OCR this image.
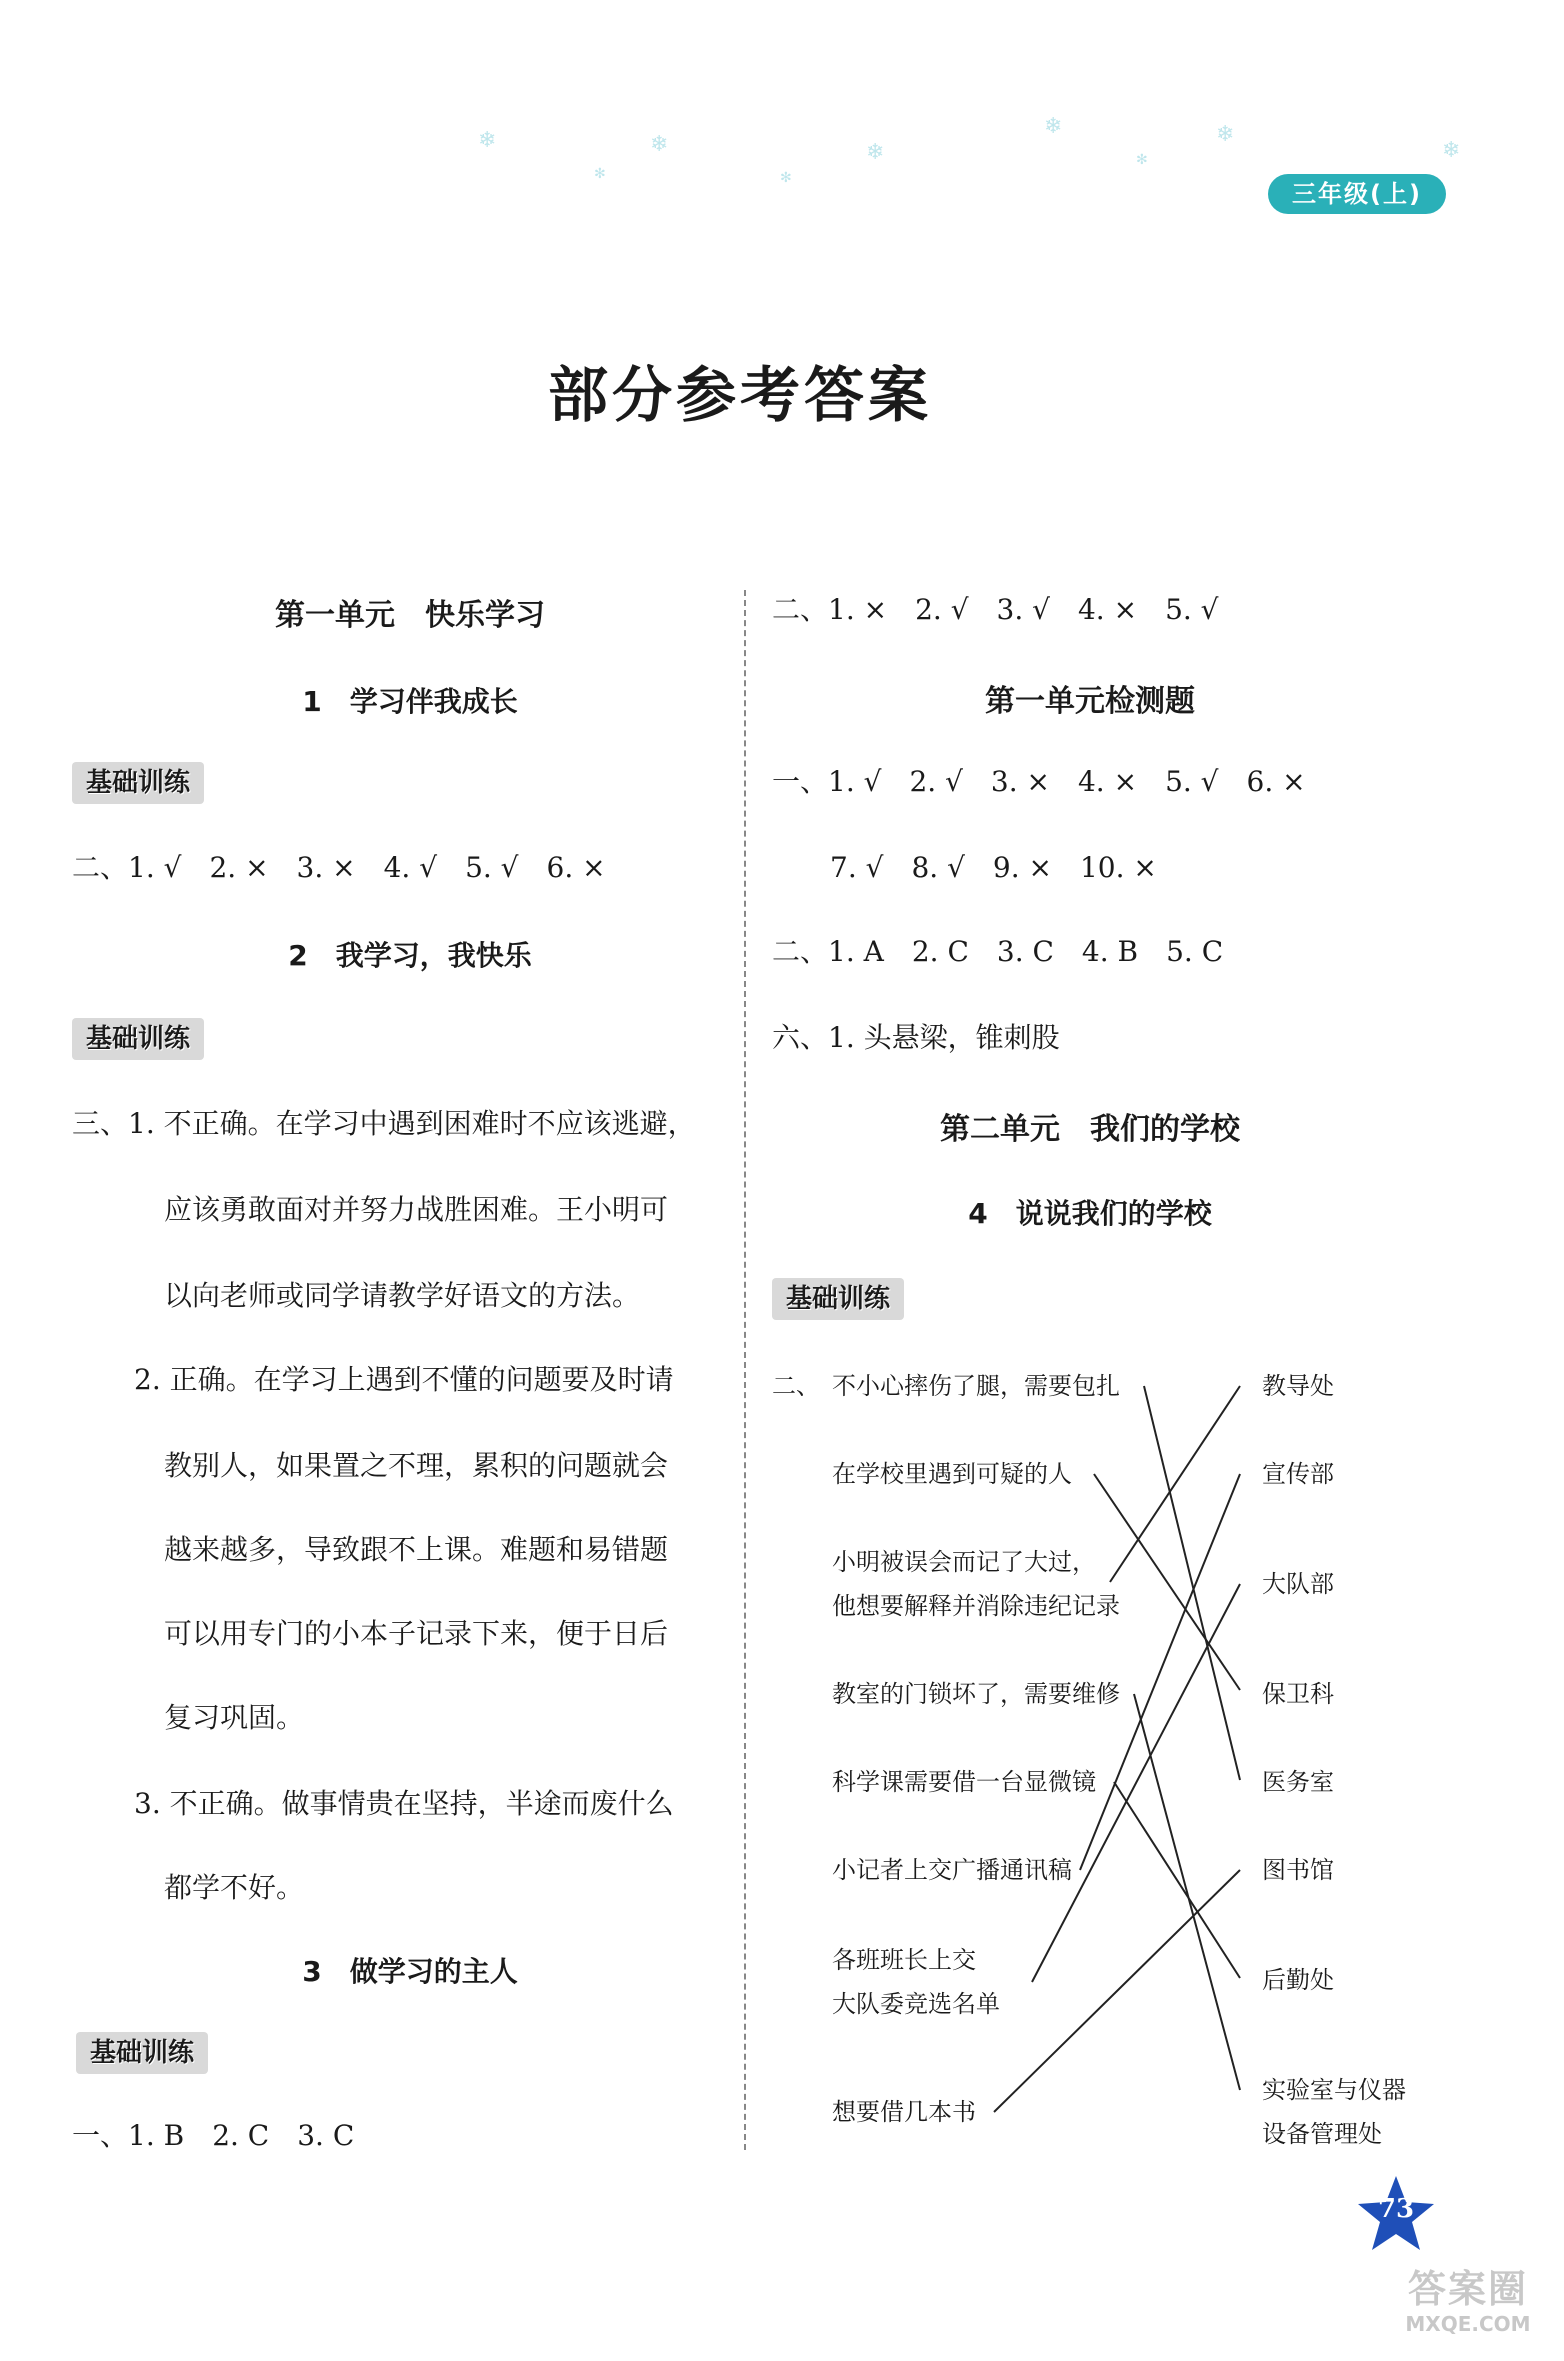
❄
✻
❄
✻
❄
❄
✻
❄
❄
三年级(上)
部分参考答案
第一单元　快乐学习
1　学习伴我成长
基础训练
二、1. √　2. ×　3. ×　4. √　5. √　6. ×
2　我学习，我快乐
基础训练
三、1. 不正确。在学习中遇到困难时不应该逃避，
应该勇敢面对并努力战胜困难。王小明可
以向老师或同学请教学好语文的方法。
2. 正确。在学习上遇到不懂的问题要及时请
教别人，如果置之不理，累积的问题就会
越来越多，导致跟不上课。难题和易错题
可以用专门的小本子记录下来，便于日后
复习巩固。
3. 不正确。做事情贵在坚持，半途而废什么
都学不好。
3　做学习的主人
基础训练
一、1. B　2. C　3. C
二、1. ×　2. √　3. √　4. ×　5. √
第一单元检测题
一、1. √　2. √　3. ×　4. ×　5. √　6. ×
7. √　8. √　9. ×　10. ×
二、1. A　2. C　3. C　4. B　5. C
六、1. 头悬梁，锥刺股
第二单元　我们的学校
4　说说我们的学校
基础训练
二、 不小心摔伤了腿，需要包扎
在学校里遇到可疑的人
小明被误会而记了大过，
他想要解释并消除违纪记录
教室的门锁坏了，需要维修
科学课需要借一台显微镜
小记者上交广播通讯稿
各班班长上交
大队委竞选名单
想要借几本书
教导处
宣传部
大队部
保卫科
医务室
图书馆
后勤处
实验室与仪器
设备管理处
73
答案圈
MXQE.COM
